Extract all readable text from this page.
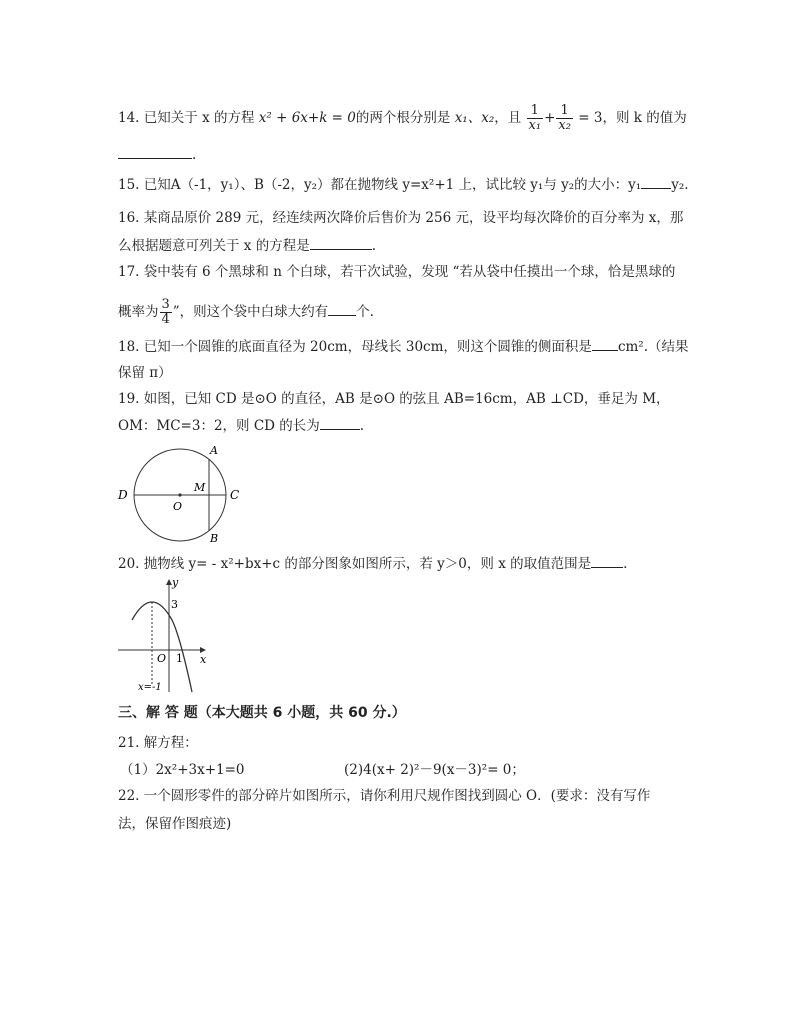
14. 已知关于 x 的方程 x² + 6x+k = 0的两个根分别是 x₁、x₂，且 $\frac{1}{\text{x₁}} + \frac{1}{\text{x₂}} = 3$，则 k 的值为
.
15. 已知A（-1，y₁）、B（-2，y₂）都在抛物线 y=x²+1 上，试比较 y₁与 y₂的大小：y₁ y₂.
16. 某商品原价 289 元，经连续两次降价后售价为 256 元，设平均每次降价的百分率为 x，那
么根据题意可列关于 x 的方程是	.
17. 袋中装有 6 个黑球和 n 个白球，若干次试验，发现 “若从袋中任摸出一个球，恰是黑球的
概率为 $\frac{3}{4}$ ”，则这个袋中白球大约有 个.
18. 已知一个圆锥的底面直径为 20cm，母线长 30cm，则这个圆锥的侧面积是 cm².（结果
保留 π）
19. 如图，已知 CD 是⊙O 的直径，AB 是⊙O 的弦且 AB=16cm，AB ⊥CD，垂足为 M，
OM：MC=3：2，则 CD 的长为	.
D	C
A
B
M
O
20. 抛物线 y= - x²+bx+c 的部分图象如图所示，若 y＞0，则 x 的取值范围是 .
y
3
O 1 x
x=-1
三、解 答 题（本大题共 6 小题，共 60 分.）
21. 解方程：
（1）2x²+3x+1=0	(2)4(x+ 2)²－9(x－3)²= 0；
22. 一个圆形零件的部分碎片如图所示，请你利用尺规作图找到圆心 O．(要求：没有写作
法，保留作图痕迹)
